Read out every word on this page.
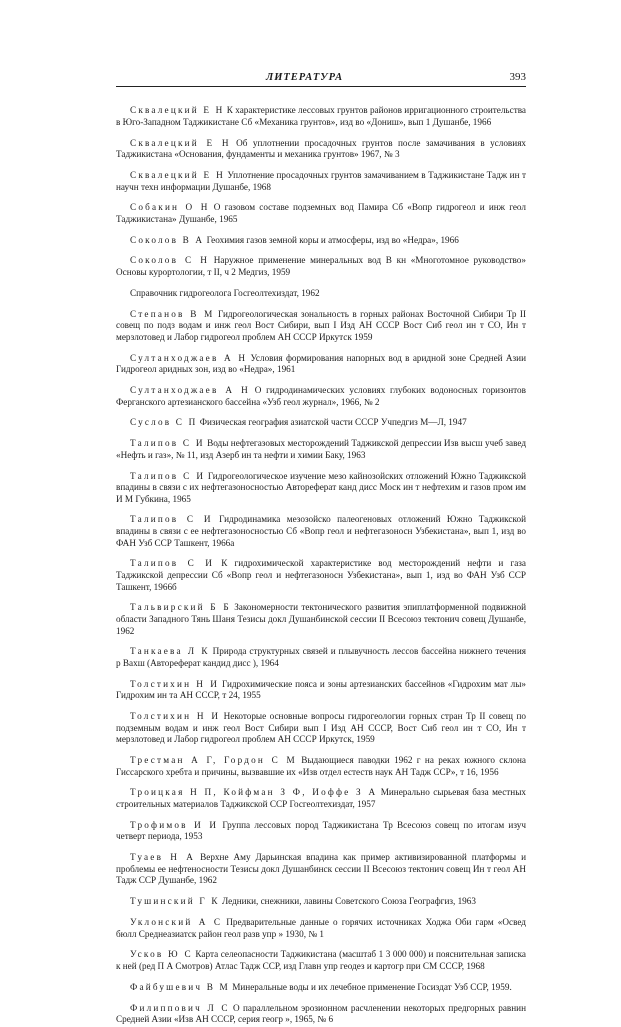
ЛИТЕРАТУРА	393

Сквалецкий Е Н К характеристике лессовых грунтов районов ирригационного строительства в Юго-Западном Таджикистане Сб «Механика грунтов», изд во «Дониш», вып 1 Душанбе, 1966

Сквалецкий Е Н Об уплотнении просадочных грунтов после замачивания в условиях Таджикистана «Основания, фундаменты и механика грунтов» 1967, № 3

Сквалецкий Е Н Уплотнение просадочных грунтов замачиванием в Таджикистане Тадж ин т научн техн информации Душанбе, 1968

Собакин О Н О газовом составе подземных вод Памира Сб «Вопр гидрогеол и инж геол Таджикистана» Душанбе, 1965

Соколов В А Геохимия газов земной коры и атмосферы, изд во «Недра», 1966

Соколов С Н Наружное применение минеральных вод В кн «Многотомное руководство» Основы курортологии, т II, ч 2 Медгиз, 1959

Справочник гидрогеолога Госгеолтехиздат, 1962

Степанов В М Гидрогеологическая зональность в горных районах Восточной Сибири Тр II совещ по подз водам и инж геол Вост Сибири, вып I Изд АН СССР Вост Сиб геол ин т СО, Ин т мерзлотовед и Лабор гидрогеол проблем АН СССР Иркутск 1959

Султанходжаев А Н Условия формирования напорных вод в аридной зоне Средней Азии Гидрогеол аридных зон, изд во «Недра», 1961

Султанходжаев А Н О гидродинамических условиях глубоких водоносных горизонтов Ферганского артезианского бассейна «Узб геол журнал», 1966, № 2

Суслов С П Физическая география азиатской части СССР Учпедгиз М—Л, 1947

Талипов С И Воды нефтегазовых месторождений Таджикской депрессии Изв высш учеб завед «Нефть и газ», № 11, изд Азерб ин та нефти и химии Баку, 1963

Талипов С И Гидрогеологическое изучение мезо кайнозойских отложений Южно Таджикской впадины в связи с их нефтегазоносностью Автореферат канд дисс Моск ин т нефтехим и газов пром им И М Губкина, 1965

Талипов С И Гидродинамика мезозойско палеогеновых отложений Южно Таджикской впадины в связи с ее нефтегазоносностью Сб «Вопр геол и нефтегазоносн Узбекистана», вып 1, изд во ФАН Узб ССР Ташкент, 1966а

Талипов С И К гидрохимической характеристике вод месторождений нефти и газа Таджикской депрессии Сб «Вопр геол и нефтегазоносн Узбекистана», вып 1, изд во ФАН Узб ССР Ташкент, 1966б

Тальвирский Б Б Закономерности тектонического развития эпиплатформенной подвижной области Западного Тянь Шаня Тезисы докл Душанбинской сессии II Всесоюз тектонич совещ Душанбе, 1962

Танкаева Л К Природа структурных связей и плывучность лессов бассейна нижнего течения р Вахш (Автореферат кандид дисс ), 1964

Толстихин Н И Гидрохимические пояса и зоны артезианских бассейнов «Гидрохим мат лы» Гидрохим ин та АН СССР, т 24, 1955

Толстихин Н И Некоторые основные вопросы гидрогеологии горных стран Тр II совещ по подземным водам и инж геол Вост Сибири вып I Изд АН СССР, Вост Сиб геол ин т СО, Ин т мерзлотовед и Лабор гидрогеол проблем АН СССР Иркутск, 1959

Трестман А Г, Гордон С М Выдающиеся паводки 1962 г на реках южного склона Гиссарского хребта и причины, вызвавшие их «Изв отдел естеств наук АН Тадж ССР», т 16, 1956

Троицкая Н П, Койфман З Ф, Иоффе З А Минерально сырьевая база местных строительных материалов Таджикской ССР Госгеолтехиздат, 1957

Трофимов И И Группа лессовых пород Таджикистана Тр Всесоюз совещ по итогам изуч четверт периода, 1953

Туаев Н А Верхне Аму Дарьинская впадина как пример активизированной платформы и проблемы ее нефтеносности Тезисы докл Душанбинск сессии II Всесоюз тектонич совещ Ин т геол АН Тадж ССР Душанбе, 1962

Тушинский Г К Ледники, снежники, лавины Советского Союза Географгиз, 1963

Уклонский А С Предварительные данные о горячих источниках Ходжа Оби гарм «Освед бюлл Среднеазиатск район геол разв упр » 1930, № 1

Усков Ю С Карта селеопасности Таджикистана (масштаб 1 3 000 000) и пояснительная записка к ней (ред П А Смотров) Атлас Тадж ССР, изд Главн упр геодез и картогр при СМ СССР, 1968

Файбушевич В М Минеральные воды и их лечебное применение Госиздат Узб ССР, 1959.

Филиппович Л С О параллельном эрозионном расчленении некоторых предгорных равнин Средней Азии «Изв АН СССР, серия геогр », 1965, № 6
